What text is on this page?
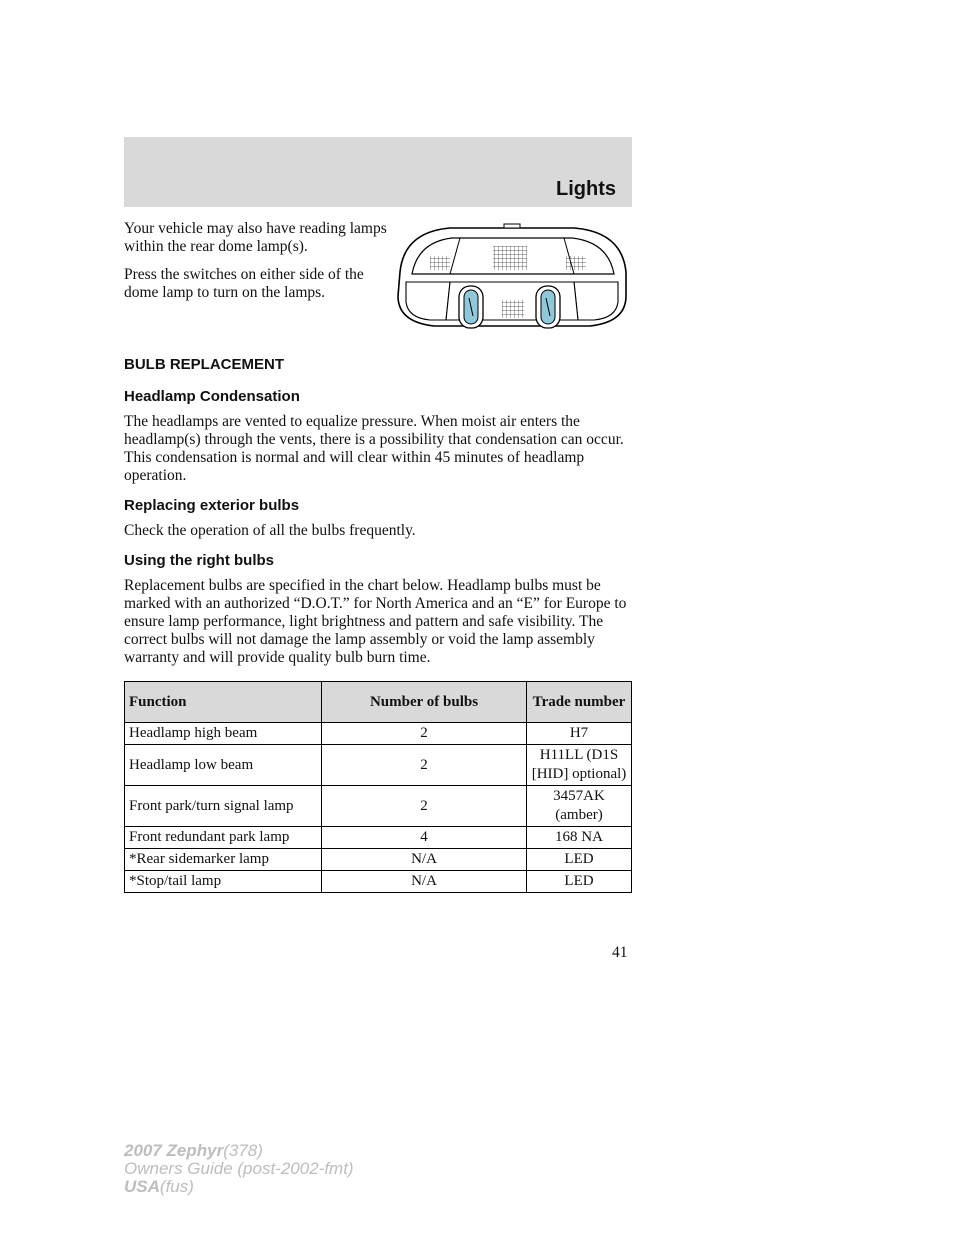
Lights

Your vehicle may also have reading lamps within the rear dome lamp(s).

Press the switches on either side of the dome lamp to turn on the lamps.

BULB REPLACEMENT
Headlamp Condensation

The headlamps are vented to equalize pressure. When moist air enters the headlamp(s) through the vents, there is a possibility that condensation can occur. This condensation is normal and will clear within 45 minutes of headlamp operation.

Replacing exterior bulbs

Check the operation of all the bulbs frequently.

Using the right bulbs

Replacement bulbs are specified in the chart below. Headlamp bulbs must be marked with an authorized “D.O.T.” for North America and an “E” for Europe to ensure lamp performance, light brightness and pattern and safe visibility. The correct bulbs will not damage the lamp assembly or void the lamp assembly warranty and will provide quality bulb burn time.

Function	Number of bulbs	Trade number
Headlamp high beam	2	H7
Headlamp low beam	2	H11LL (D1S [HID] optional)
Front park/turn signal lamp	2	3457AK (amber)
Front redundant park lamp	4	168 NA
*Rear sidemarker lamp	N/A	LED
*Stop/tail lamp	N/A	LED
41
2007 Zephyr(378)
Owners Guide (post-2002-fmt)
USA(fus)
